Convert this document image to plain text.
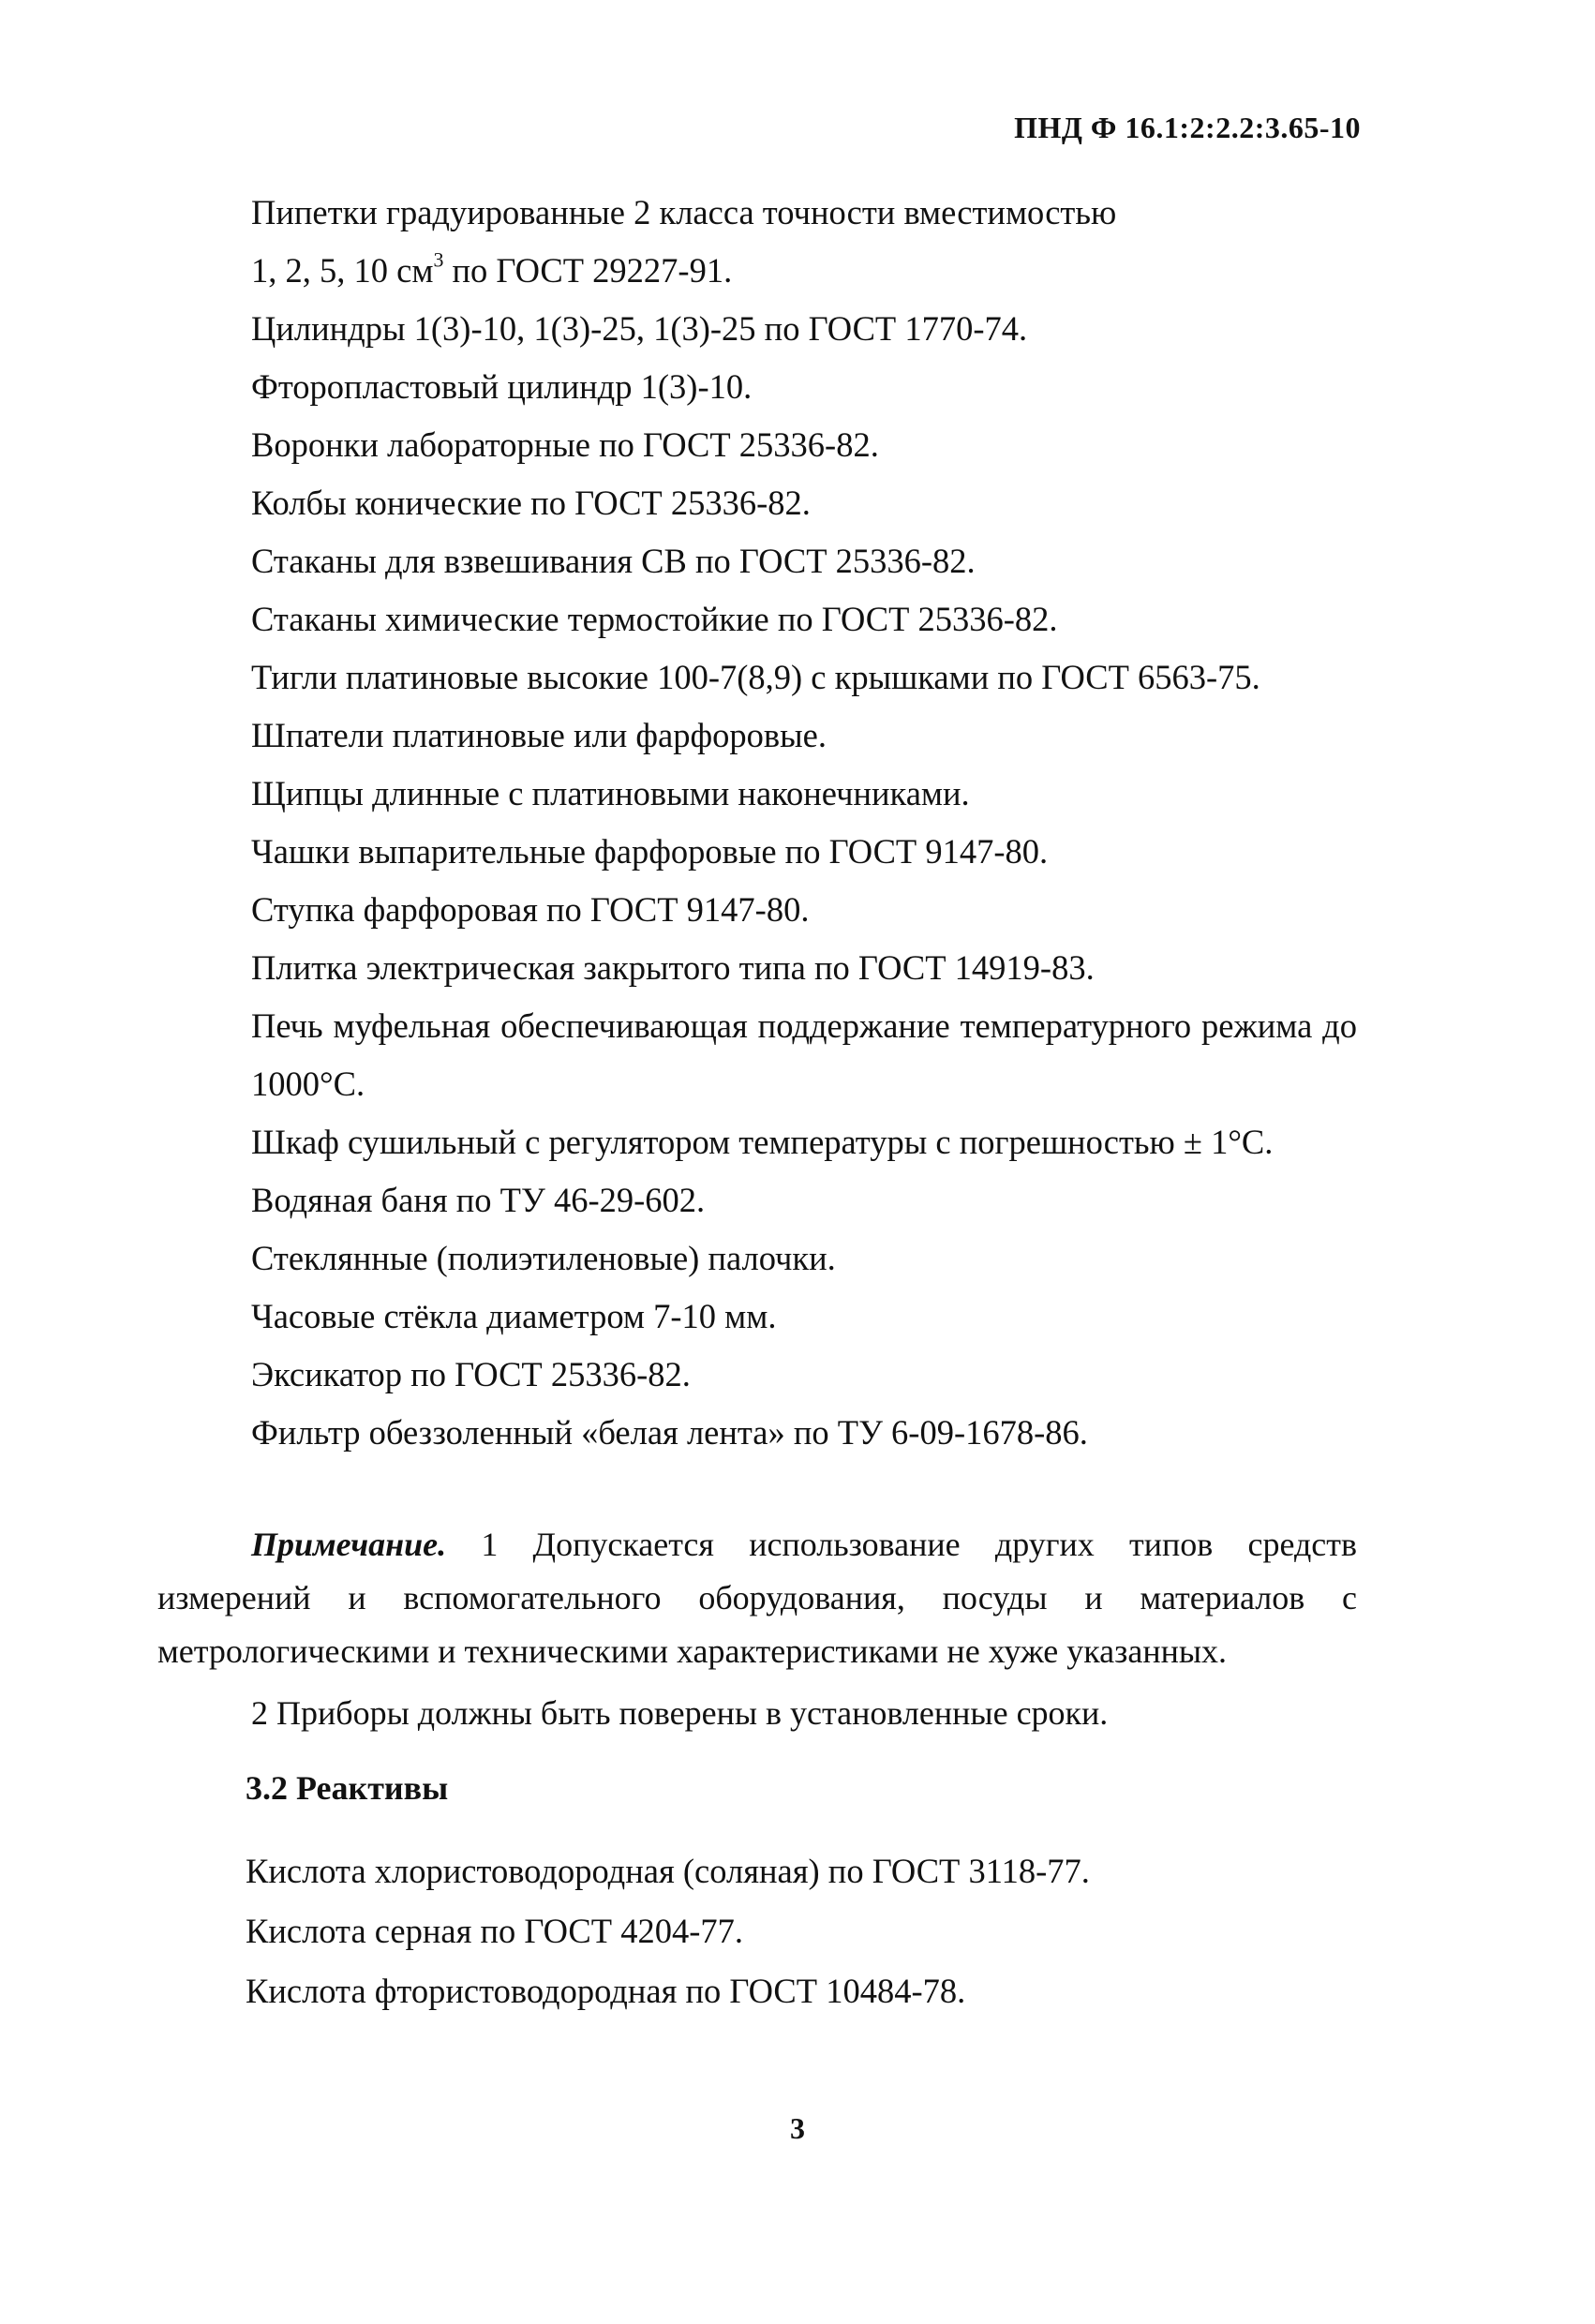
ПНД Ф 16.1:2:2.2:3.65-10

Пипетки градуированные 2 класса точности вместимостью

1, 2, 5, 10 $см^3$ по ГОСТ 29227-91.

Цилиндры 1(3)-10, 1(3)-25, 1(3)-25 по ГОСТ 1770-74.

Фторопластовый цилиндр 1(3)-10.

Воронки лабораторные по ГОСТ 25336-82.

Колбы конические по ГОСТ 25336-82.

Стаканы для взвешивания СВ по ГОСТ 25336-82.

Стаканы химические термостойкие по ГОСТ 25336-82.

Тигли платиновые высокие 100-7(8,9) с крышками по ГОСТ 6563-75.

Шпатели платиновые или фарфоровые.

Щипцы длинные с платиновыми наконечниками.

Чашки выпарительные фарфоровые по ГОСТ 9147-80.

Ступка фарфоровая по ГОСТ 9147-80.

Плитка электрическая закрытого типа по ГОСТ 14919-83.

Печь муфельная обеспечивающая поддержание температурного режима до 1000°С.

Шкаф сушильный с регулятором температуры с погрешностью ± 1°С.

Водяная баня по ТУ 46-29-602.

Стеклянные (полиэтиленовые) палочки.

Часовые стёкла диаметром 7-10 мм.

Эксикатор по ГОСТ 25336-82.

Фильтр обеззоленный «белая лента» по ТУ 6-09-1678-86.

Примечание. 1 Допускается использование других типов средств измерений и вспомогательного оборудования, посуды и материалов с метрологическими и техническими характеристиками не хуже указанных.

2 Приборы должны быть поверены в установленные сроки.

3.2 Реактивы

Кислота хлористоводородная (соляная) по ГОСТ 3118-77.

Кислота серная по ГОСТ 4204-77.

Кислота фтористоводородная по ГОСТ 10484-78.

3
